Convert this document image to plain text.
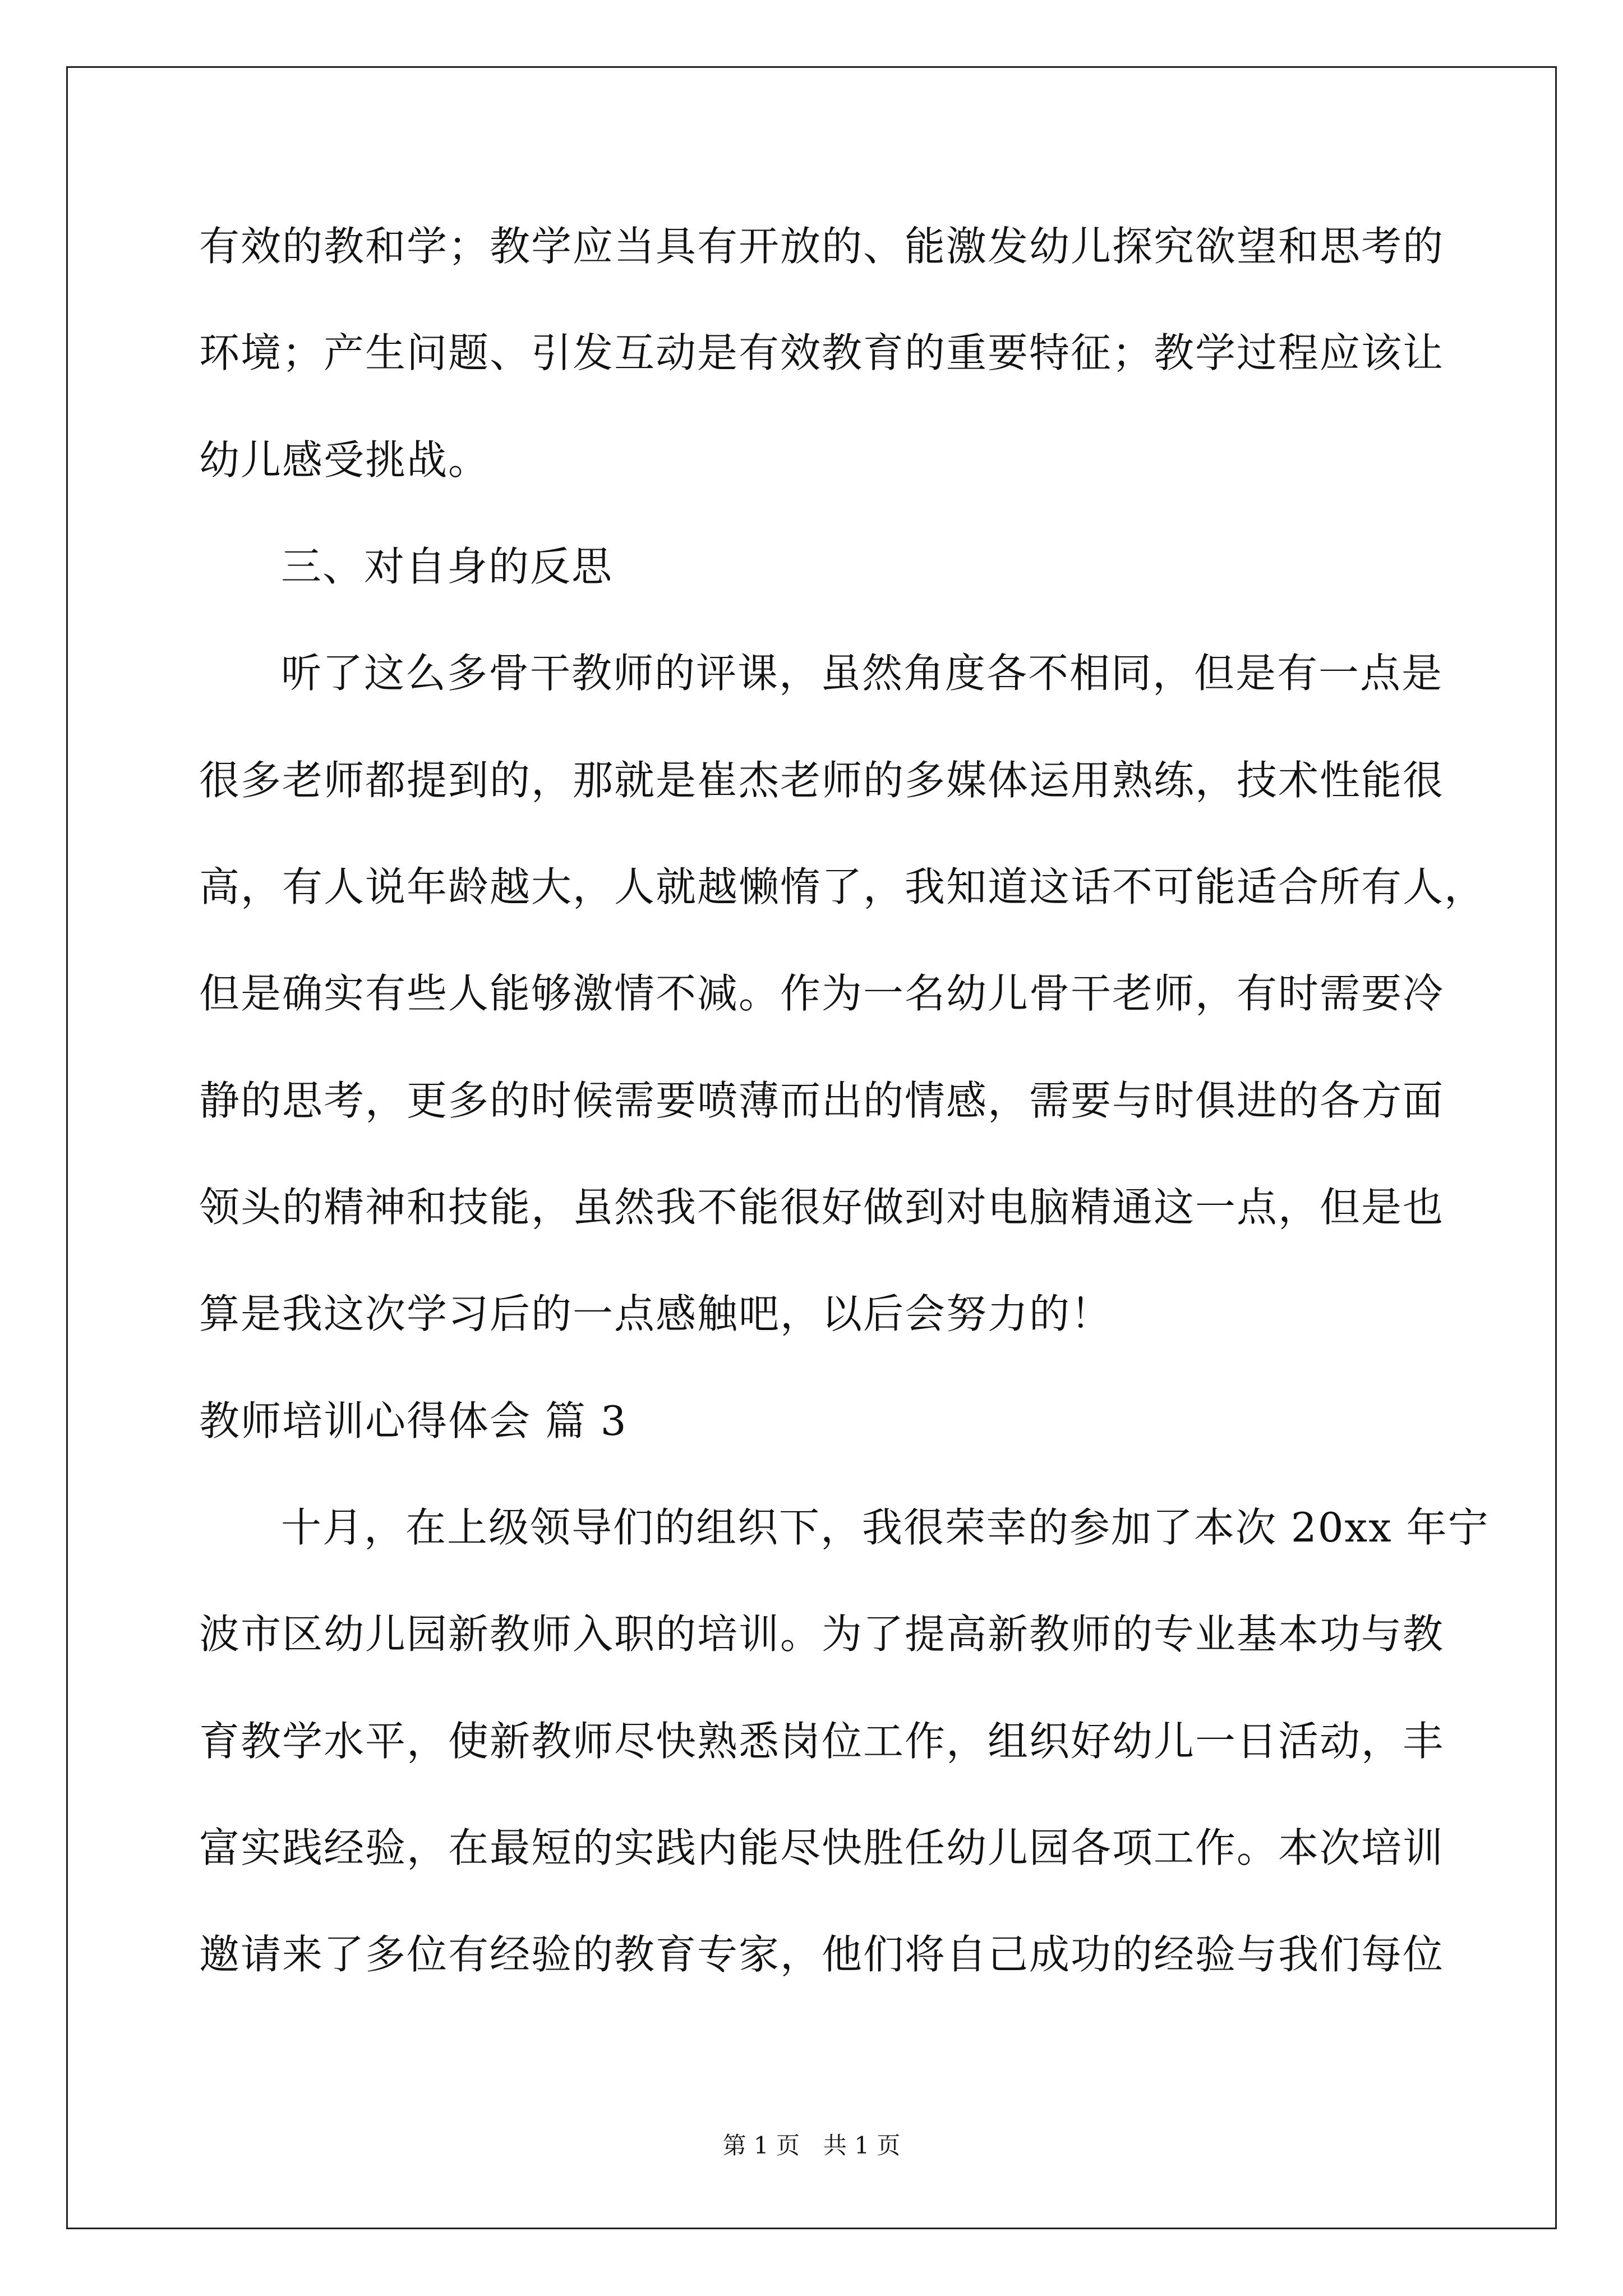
有效的教和学；教学应当具有开放的、能激发幼儿探究欲望和思考的
环境；产生问题、引发互动是有效教育的重要特征；教学过程应该让
幼儿感受挑战。
三、对自身的反思
听了这么多骨干教师的评课，虽然角度各不相同，但是有一点是
很多老师都提到的，那就是崔杰老师的多媒体运用熟练，技术性能很
高，有人说年龄越大，人就越懒惰了，我知道这话不可能适合所有人，
但是确实有些人能够激情不减。作为一名幼儿骨干老师，有时需要冷
静的思考，更多的时候需要喷薄而出的情感，需要与时俱进的各方面
领头的精神和技能，虽然我不能很好做到对电脑精通这一点，但是也
算是我这次学习后的一点感触吧，以后会努力的！
教师培训心得体会 篇 3
十月，在上级领导们的组织下，我很荣幸的参加了本次 20xx 年宁
波市区幼儿园新教师入职的培训。为了提高新教师的专业基本功与教
育教学水平，使新教师尽快熟悉岗位工作，组织好幼儿一日活动，丰
富实践经验，在最短的实践内能尽快胜任幼儿园各项工作。本次培训
邀请来了多位有经验的教育专家，他们将自己成功的经验与我们每位
第 1 页　共 1 页
